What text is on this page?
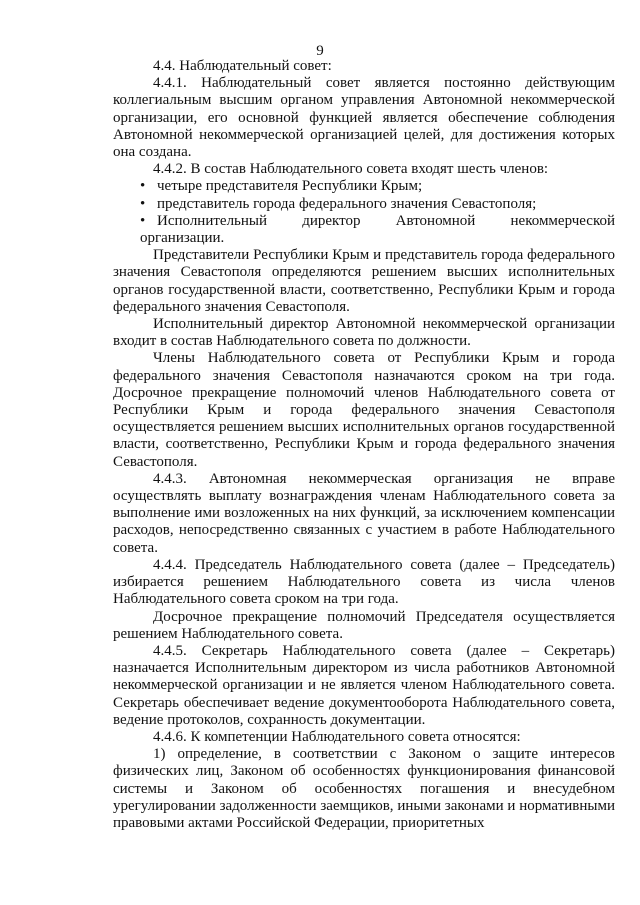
9

4.4. Наблюдательный совет:

4.4.1. Наблюдательный совет является постоянно действующим коллегиальным высшим органом управления Автономной некоммерческой организации, его основной функцией является обеспечение соблюдения Автономной некоммерческой организацией целей, для достижения которых она создана.

4.4.2. В состав Наблюдательного совета входят шесть членов:

• четыре представителя Республики Крым;
• представитель города федерального значения Севастополя;
• Исполнительный директор Автономной некоммерческой
организации.

Представители Республики Крым и представитель города федерального значения Севастополя определяются решением высших исполнительных органов государственной власти, соответственно, Республики Крым и города федерального значения Севастополя.

Исполнительный директор Автономной некоммерческой организации входит в состав Наблюдательного совета по должности.

Члены Наблюдательного совета от Республики Крым и города федерального значения Севастополя назначаются сроком на три года. Досрочное прекращение полномочий членов Наблюдательного совета от Республики Крым и города федерального значения Севастополя осуществляется решением высших исполнительных органов государственной власти, соответственно, Республики Крым и города федерального значения Севастополя.

4.4.3. Автономная некоммерческая организация не вправе осуществлять выплату вознаграждения членам Наблюдательного совета за выполнение ими возложенных на них функций, за исключением компенсации расходов, непосредственно связанных с участием в работе Наблюдательного совета.

4.4.4. Председатель Наблюдательного совета (далее – Председатель) избирается решением Наблюдательного совета из числа членов Наблюдательного совета сроком на три года.

Досрочное прекращение полномочий Председателя осуществляется решением Наблюдательного совета.

4.4.5. Секретарь Наблюдательного совета (далее – Секретарь) назначается Исполнительным директором из числа работников Автономной некоммерческой организации и не является членом Наблюдательного совета. Секретарь обеспечивает ведение документооборота Наблюдательного совета, ведение протоколов, сохранность документации.

4.4.6. К компетенции Наблюдательного совета относятся:

1) определение, в соответствии с Законом о защите интересов физических лиц, Законом об особенностях функционирования финансовой системы и Законом об особенностях погашения и внесудебном урегулировании задолженности заемщиков, иными законами и нормативными правовыми актами Российской Федерации, приоритетных
